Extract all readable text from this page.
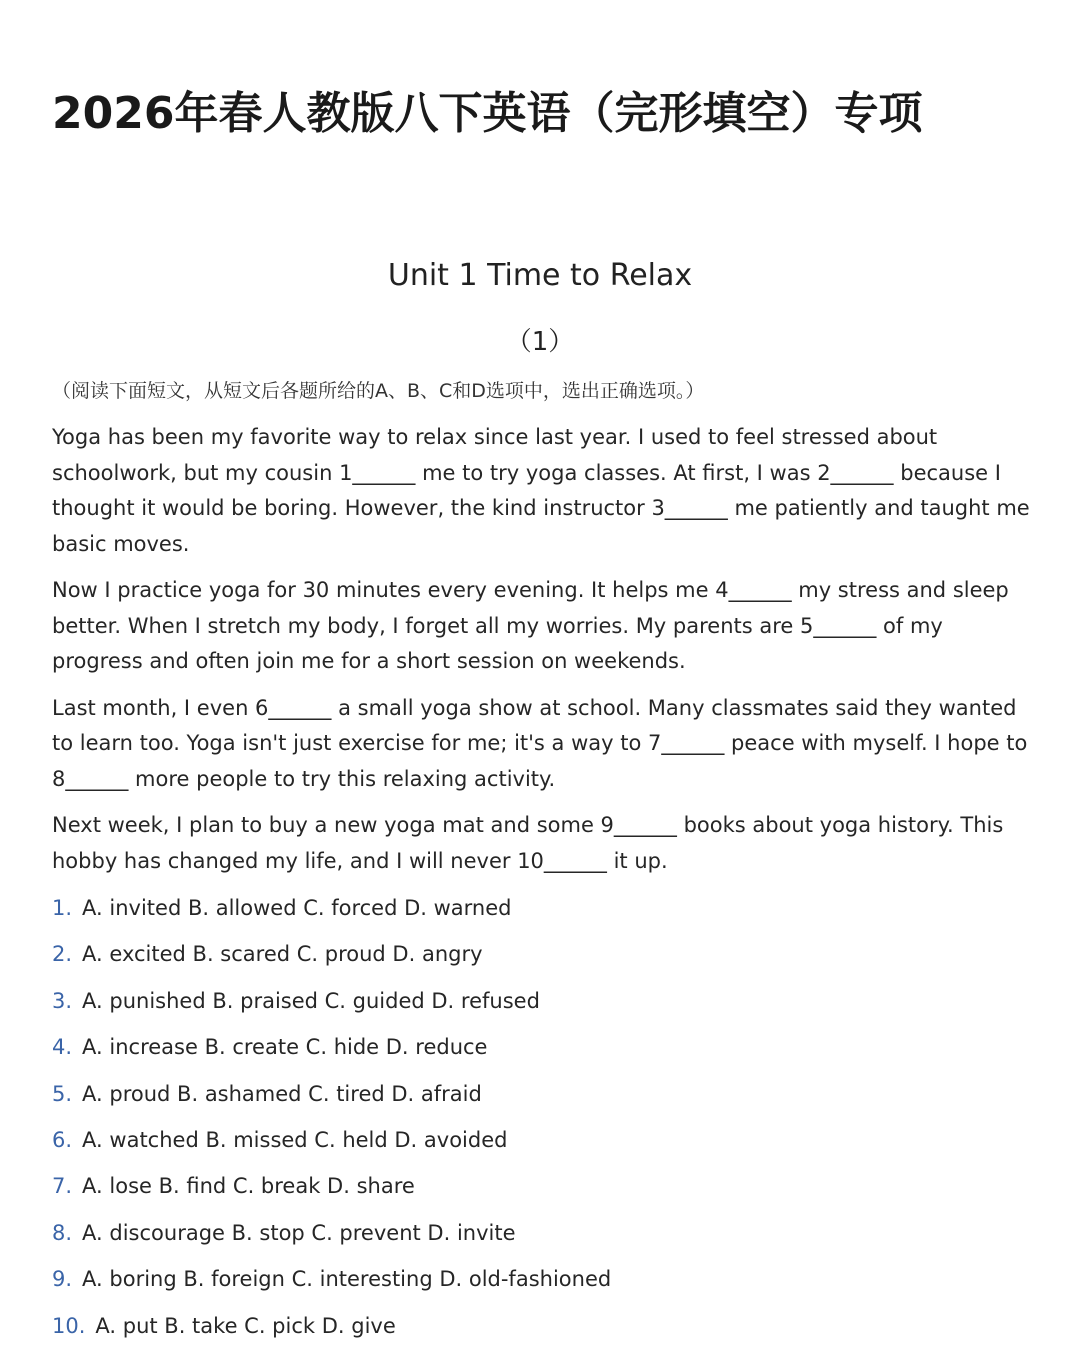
2026年春人教版八下英语（完形填空）专项
Unit 1 Time to Relax
（1）
（阅读下面短文，从短文后各题所给的A、B、C和D选项中，选出正确选项。）

Yoga has been my favorite way to relax since last year. I used to feel stressed about schoolwork, but my cousin 1______ me to try yoga classes. At first, I was 2______ because I thought it would be boring. However, the kind instructor 3______ me patiently and taught me basic moves.

Now I practice yoga for 30 minutes every evening. It helps me 4______ my stress and sleep better. When I stretch my body, I forget all my worries. My parents are 5______ of my progress and often join me for a short session on weekends.

Last month, I even 6______ a small yoga show at school. Many classmates said they wanted to learn too. Yoga isn't just exercise for me; it's a way to 7______ peace with myself. I hope to 8______ more people to try this relaxing activity.

Next week, I plan to buy a new yoga mat and some 9______ books about yoga history. This hobby has changed my life, and I will never 10______ it up.

1. A. invited B. allowed C. forced D. warned
2. A. excited B. scared C. proud D. angry
3. A. punished B. praised C. guided D. refused
4. A. increase B. create C. hide D. reduce
5. A. proud B. ashamed C. tired D. afraid
6. A. watched B. missed C. held D. avoided
7. A. lose B. find C. break D. share
8. A. discourage B. stop C. prevent D. invite
9. A. boring B. foreign C. interesting D. old-fashioned
10. A. put B. take C. pick D. give
